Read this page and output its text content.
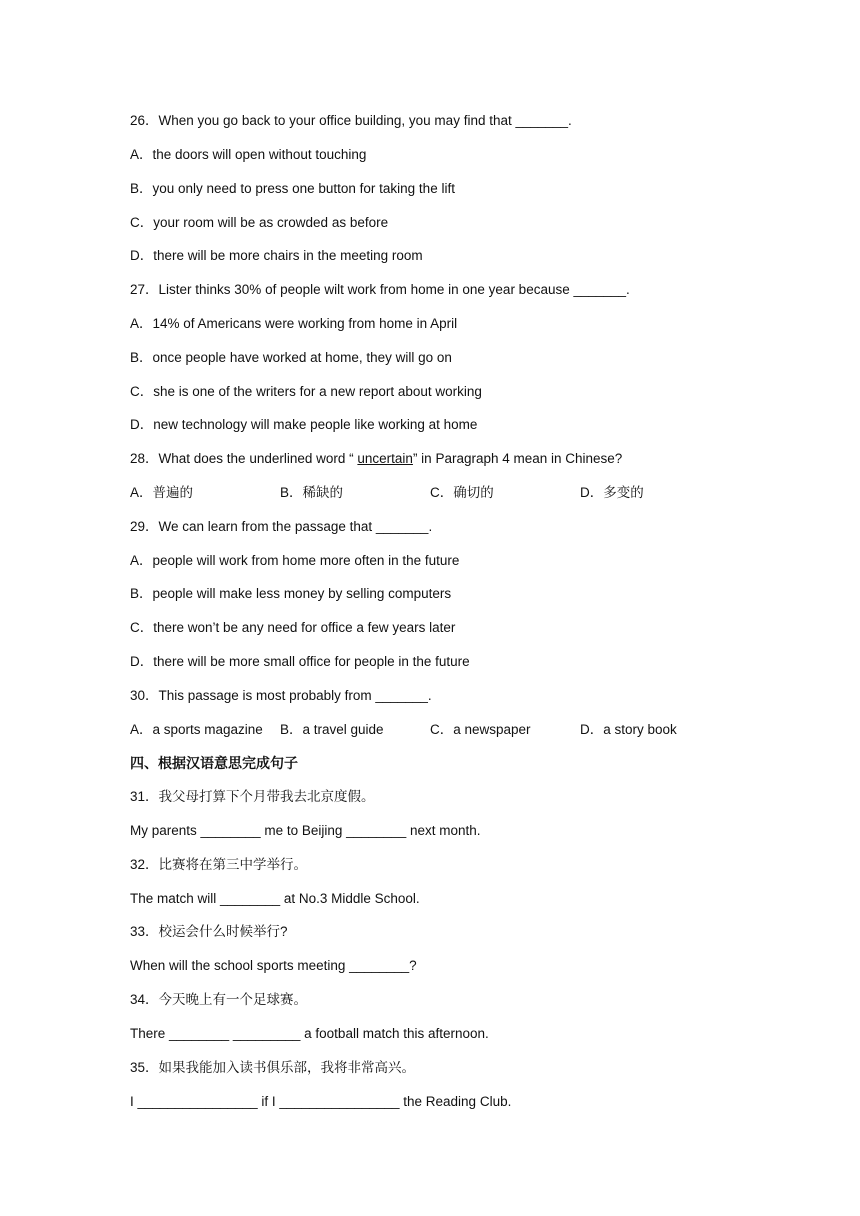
26．When you go back to your office building, you may find that _______.
A．the doors will open without touching
B．you only need to press one button for taking the lift
C．your room will be as crowded as before
D．there will be more chairs in the meeting room
27．Lister thinks 30% of people wilt work from home in one year because _______.
A．14% of Americans were working from home in April
B．once people have worked at home, they will go on
C．she is one of the writers for a new report about working
D．new technology will make people like working at home
28．What does the underlined word “ uncertain” in Paragraph 4 mean in Chinese?
A．普遍的	B．稀缺的	C．确切的	D．多变的
29．We can learn from the passage that _______.
A．people will work from home more often in the future
B．people will make less money by selling computers
C．there won’t be any need for office a few years later
D．there will be more small office for people in the future
30．This passage is most probably from _______.
A．a sports magazine B．a travel guide	C．a newspaper	D．a story book
四、根据汉语意思完成句子
31．我父母打算下个月带我去北京度假。
My parents ________ me to Beijing ________ next month.
32．比赛将在第三中学举行。
The match will ________ at No.3 Middle School.
33．校运会什么时候举行?
When will the school sports meeting ________?
34．今天晚上有一个足球赛。
There ________ _________ a football match this afternoon.
35．如果我能加入读书俱乐部，我将非常高兴。
I ________________ if I ________________ the Reading Club.
